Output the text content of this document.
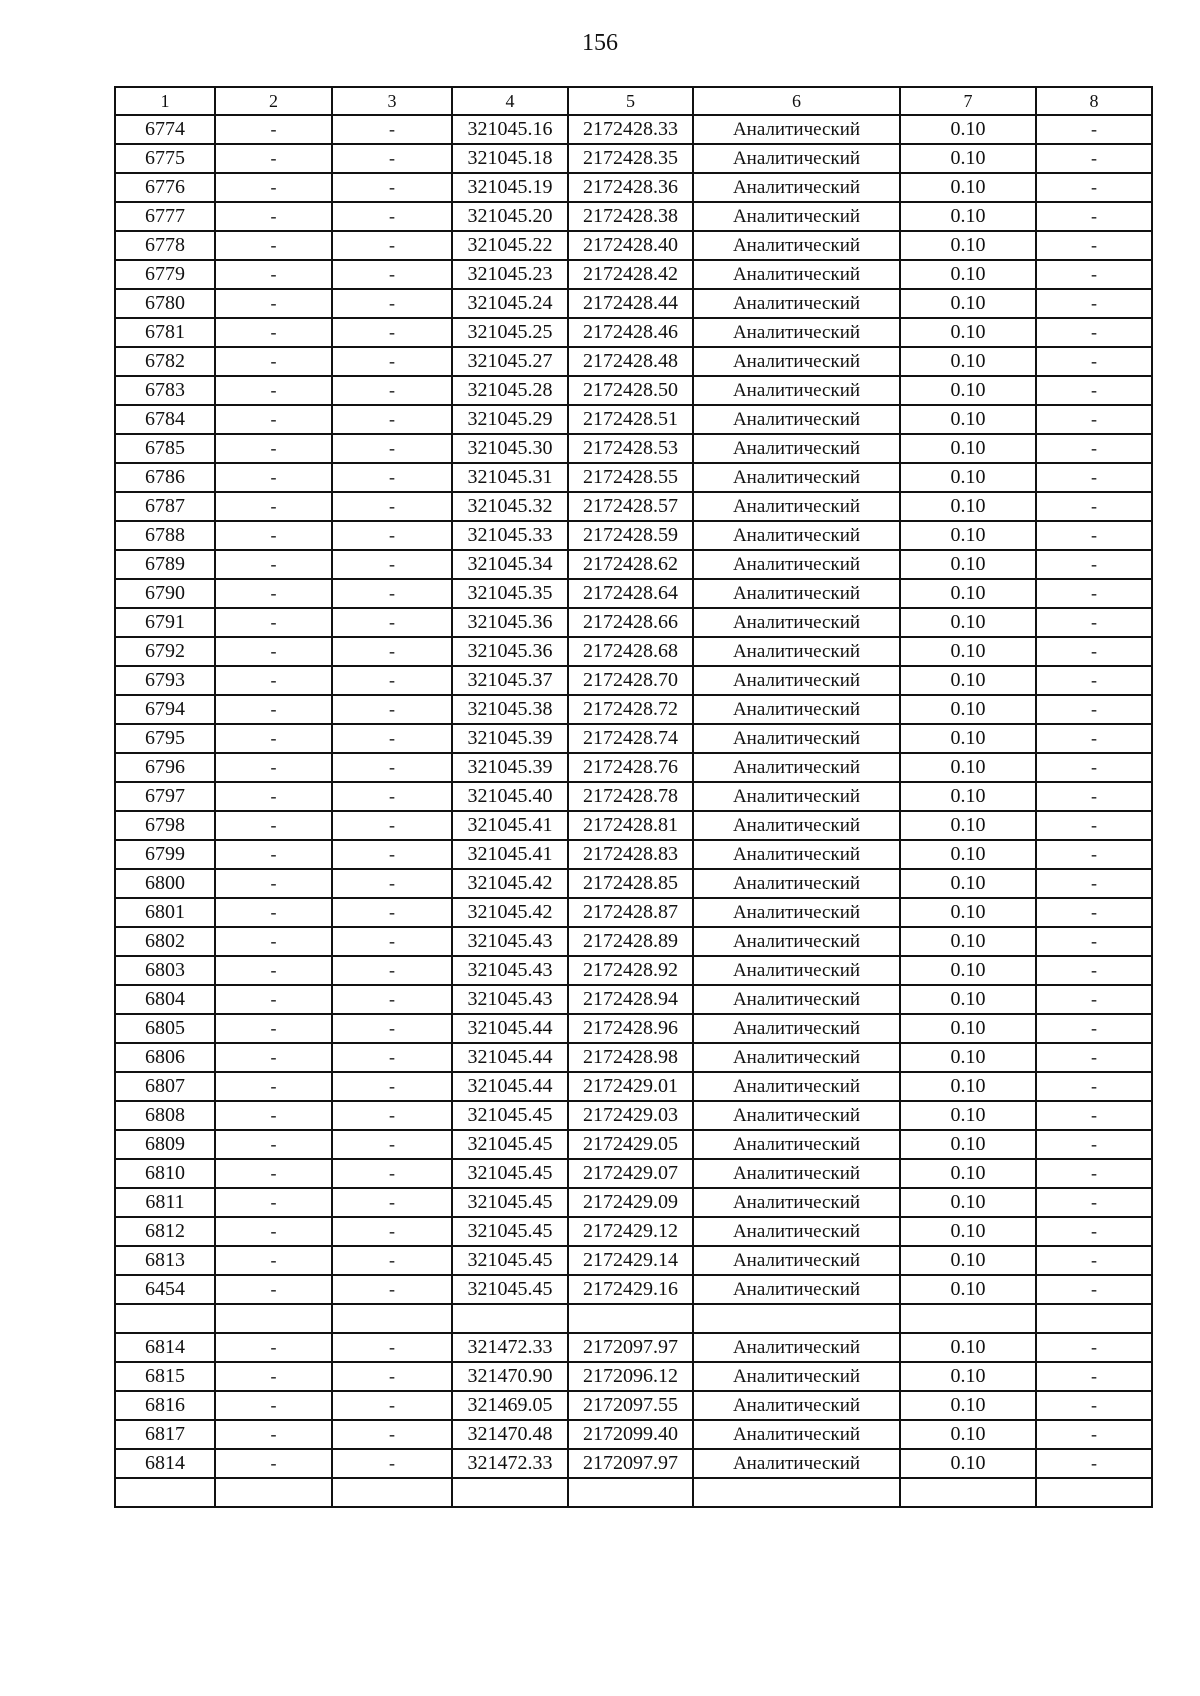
156
1	2	3	4	5	6	7	8
6774	-	-	321045.16	2172428.33	Аналитический	0.10	-
6775	-	-	321045.18	2172428.35	Аналитический	0.10	-
6776	-	-	321045.19	2172428.36	Аналитический	0.10	-
6777	-	-	321045.20	2172428.38	Аналитический	0.10	-
6778	-	-	321045.22	2172428.40	Аналитический	0.10	-
6779	-	-	321045.23	2172428.42	Аналитический	0.10	-
6780	-	-	321045.24	2172428.44	Аналитический	0.10	-
6781	-	-	321045.25	2172428.46	Аналитический	0.10	-
6782	-	-	321045.27	2172428.48	Аналитический	0.10	-
6783	-	-	321045.28	2172428.50	Аналитический	0.10	-
6784	-	-	321045.29	2172428.51	Аналитический	0.10	-
6785	-	-	321045.30	2172428.53	Аналитический	0.10	-
6786	-	-	321045.31	2172428.55	Аналитический	0.10	-
6787	-	-	321045.32	2172428.57	Аналитический	0.10	-
6788	-	-	321045.33	2172428.59	Аналитический	0.10	-
6789	-	-	321045.34	2172428.62	Аналитический	0.10	-
6790	-	-	321045.35	2172428.64	Аналитический	0.10	-
6791	-	-	321045.36	2172428.66	Аналитический	0.10	-
6792	-	-	321045.36	2172428.68	Аналитический	0.10	-
6793	-	-	321045.37	2172428.70	Аналитический	0.10	-
6794	-	-	321045.38	2172428.72	Аналитический	0.10	-
6795	-	-	321045.39	2172428.74	Аналитический	0.10	-
6796	-	-	321045.39	2172428.76	Аналитический	0.10	-
6797	-	-	321045.40	2172428.78	Аналитический	0.10	-
6798	-	-	321045.41	2172428.81	Аналитический	0.10	-
6799	-	-	321045.41	2172428.83	Аналитический	0.10	-
6800	-	-	321045.42	2172428.85	Аналитический	0.10	-
6801	-	-	321045.42	2172428.87	Аналитический	0.10	-
6802	-	-	321045.43	2172428.89	Аналитический	0.10	-
6803	-	-	321045.43	2172428.92	Аналитический	0.10	-
6804	-	-	321045.43	2172428.94	Аналитический	0.10	-
6805	-	-	321045.44	2172428.96	Аналитический	0.10	-
6806	-	-	321045.44	2172428.98	Аналитический	0.10	-
6807	-	-	321045.44	2172429.01	Аналитический	0.10	-
6808	-	-	321045.45	2172429.03	Аналитический	0.10	-
6809	-	-	321045.45	2172429.05	Аналитический	0.10	-
6810	-	-	321045.45	2172429.07	Аналитический	0.10	-
6811	-	-	321045.45	2172429.09	Аналитический	0.10	-
6812	-	-	321045.45	2172429.12	Аналитический	0.10	-
6813	-	-	321045.45	2172429.14	Аналитический	0.10	-
6454	-	-	321045.45	2172429.16	Аналитический	0.10	-

6814	-	-	321472.33	2172097.97	Аналитический	0.10	-
6815	-	-	321470.90	2172096.12	Аналитический	0.10	-
6816	-	-	321469.05	2172097.55	Аналитический	0.10	-
6817	-	-	321470.48	2172099.40	Аналитический	0.10	-
6814	-	-	321472.33	2172097.97	Аналитический	0.10	-
